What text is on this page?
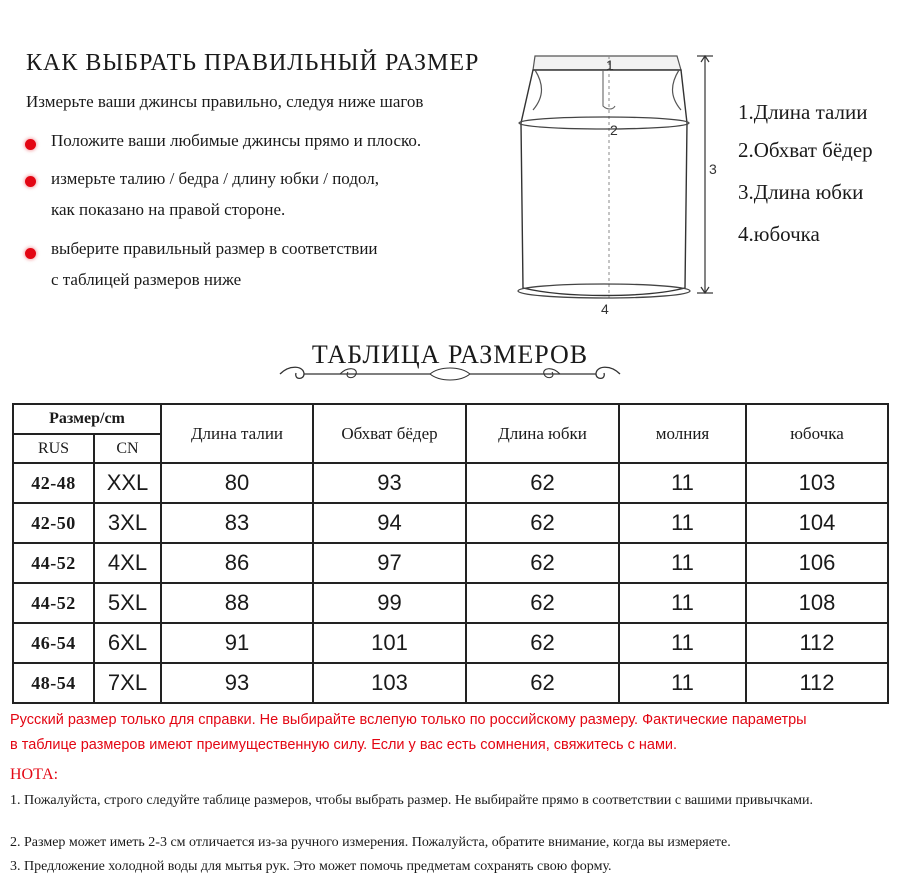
КАК ВЫБРАТЬ ПРАВИЛЬНЫЙ РАЗМЕР
Измерьте ваши джинсы правильно, следуя ниже шагов
Положите ваши любимые джинсы прямо и плоско.
измерьте талию / бедра / длину юбки / подол,
как показано на правой стороне.
выберите правильный размер в соответствии
с таблицей размеров ниже
1
2
3
4
1.Длина талии
2.Обхват бёдер
3.Длина юбки
4.юбочка
ТАБЛИЦА РАЗМЕРОВ
Размер/cm		Длина талии	Обхват бёдер	Длина юбки	молния	юбочка
RUS	CN					
42-48	XXL	80	93	62	11	103
42-50	3XL	83	94	62	11	104
44-52	4XL	86	97	62	11	106
44-52	5XL	88	99	62	11	108
46-54	6XL	91	101	62	11	112
48-54	7XL	93	103	62	11	112
Русский размер только для справки. Не выбирайте вслепую только по российскому размеру. Фактические параметры
в таблице размеров имеют преимущественную силу. Если у вас есть сомнения, свяжитесь с нами.
НОТА:
1. Пожалуйста, строго следуйте таблице размеров, чтобы выбрать размер. Не выбирайте прямо в соответствии с вашими привычками.
2. Размер может иметь 2-3 см отличается из-за ручного измерения. Пожалуйста, обратите внимание, когда вы измеряете.
3. Предложение холодной воды для мытья рук. Это может помочь предметам сохранять свою форму.
